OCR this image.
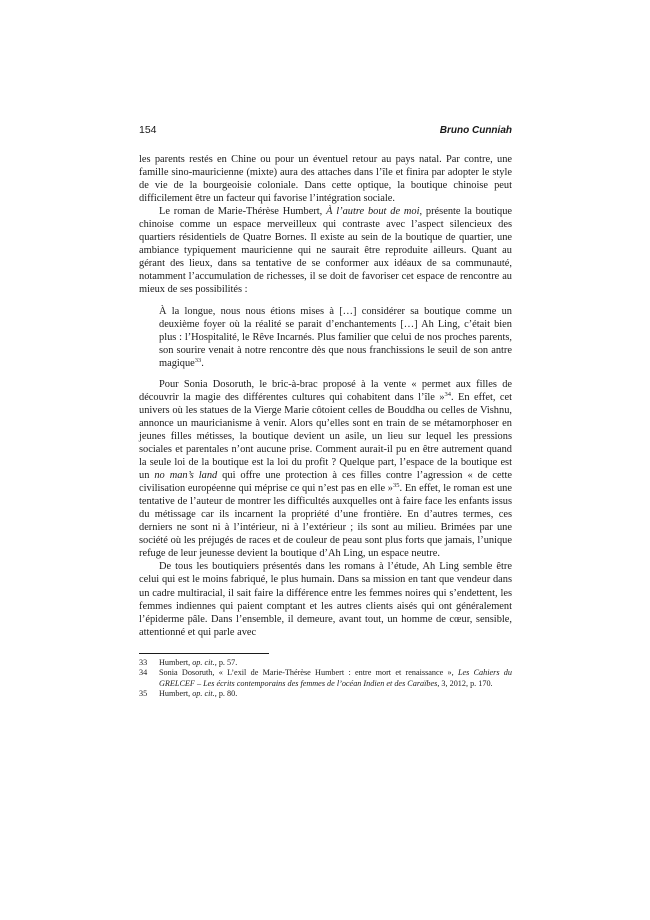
154	Bruno Cunniah

les parents restés en Chine ou pour un éventuel retour au pays natal. Par contre, une famille sino-mauricienne (mixte) aura des attaches dans l’île et finira par adopter le style de vie de la bourgeoisie coloniale. Dans cette optique, la boutique chinoise peut difficilement être un facteur qui favorise l’intégration sociale.

Le roman de Marie-Thérèse Humbert, À l’autre bout de moi, présente la boutique chinoise comme un espace merveilleux qui contraste avec l’aspect silencieux des quartiers résidentiels de Quatre Bornes. Il existe au sein de la boutique de quartier, une ambiance typiquement mauricienne qui ne saurait être reproduite ailleurs. Quant au gérant des lieux, dans sa tentative de se conformer aux idéaux de sa communauté, notamment l’accumulation de richesses, il se doit de favoriser cet espace de rencontre au mieux de ses possibilités :

À la longue, nous nous étions mises à […] considérer sa boutique comme un deuxième foyer où la réalité se parait d’enchantements […] Ah Ling, c’était bien plus : l’Hospitalité, le Rêve Incarnés. Plus familier que celui de nos proches parents, son sourire venait à notre rencontre dès que nous franchissions le seuil de son antre magique$^{33}$.

Pour Sonia Dosoruth, le bric-à-brac proposé à la vente « permet aux filles de découvrir la magie des différentes cultures qui cohabitent dans l’île »$^{34}$. En effet, cet univers où les statues de la Vierge Marie côtoient celles de Bouddha ou celles de Vishnu, annonce un mauricianisme à venir. Alors qu’elles sont en train de se métamorphoser en jeunes filles métisses, la boutique devient un asile, un lieu sur lequel les pressions sociales et parentales n’ont aucune prise. Comment aurait-il pu en être autrement quand la seule loi de la boutique est la loi du profit ? Quelque part, l’espace de la boutique est un no man’s land qui offre une protection à ces filles contre l’agression « de cette civilisation européenne qui méprise ce qui n’est pas en elle »$^{35}$. En effet, le roman est une tentative de l’auteur de montrer les difficultés auxquelles ont à faire face les enfants issus du métissage car ils incarnent la propriété d’une frontière. En d’autres termes, ces derniers ne sont ni à l’intérieur, ni à l’extérieur ; ils sont au milieu. Brimées par une société où les préjugés de races et de couleur de peau sont plus forts que jamais, l’unique refuge de leur jeunesse devient la boutique d’Ah Ling, un espace neutre.

De tous les boutiquiers présentés dans les romans à l’étude, Ah Ling semble être celui qui est le moins fabriqué, le plus humain. Dans sa mission en tant que vendeur dans un cadre multiracial, il sait faire la différence entre les femmes noires qui s’endettent, les femmes indiennes qui paient comptant et les autres clients aisés qui ont généralement l’épiderme pâle. Dans l’ensemble, il demeure, avant tout, un homme de cœur, sensible, attentionné et qui parle avec

33	Humbert, op. cit., p. 57.
34	Sonia Dosoruth, « L’exil de Marie-Thérèse Humbert : entre mort et renaissance », Les Cahiers du GRELCEF – Les écrits contemporains des femmes de l’océan Indien et des Caraïbes, 3, 2012, p. 170.
35	Humbert, op. cit., p. 80.
